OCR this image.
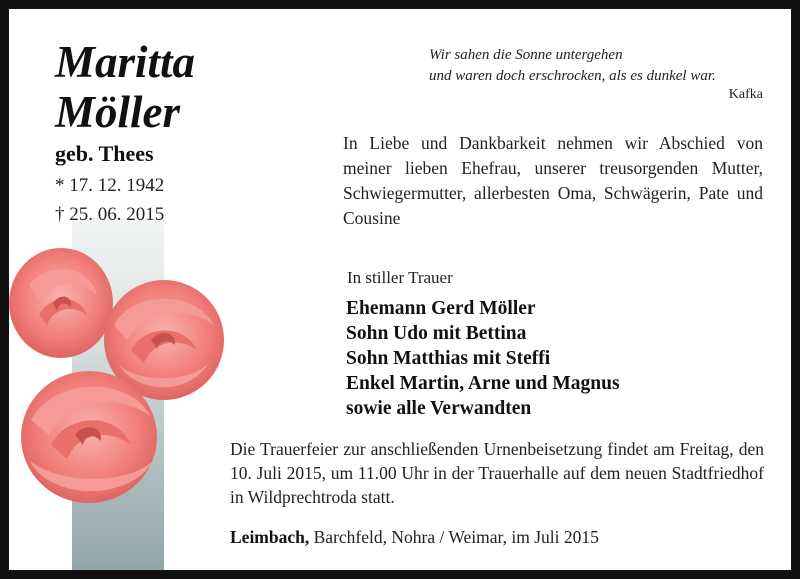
Maritta
Möller
geb. Thees
* 17. 12. 1942
† 25. 06. 2015
Wir sahen die Sonne untergehen
und waren doch erschrocken, als es dunkel war.
Kafka
In Liebe und Dankbarkeit nehmen wir Abschied von meiner lieben Ehefrau, unserer treusorgenden Mutter, Schwiegermutter, allerbesten Oma, Schwägerin, Pate und Cousine
In stiller Trauer
Ehemann Gerd Möller
Sohn Udo mit Bettina
Sohn Matthias mit Steffi
Enkel Martin, Arne und Magnus
sowie alle Verwandten
Die Trauerfeier zur anschließenden Urnenbeisetzung findet am Freitag, den 10. Juli 2015, um 11.00 Uhr in der Trauerhalle auf dem neuen Stadtfriedhof in Wildprechtroda statt.
Leimbach, Barchfeld, Nohra / Weimar, im Juli 2015
